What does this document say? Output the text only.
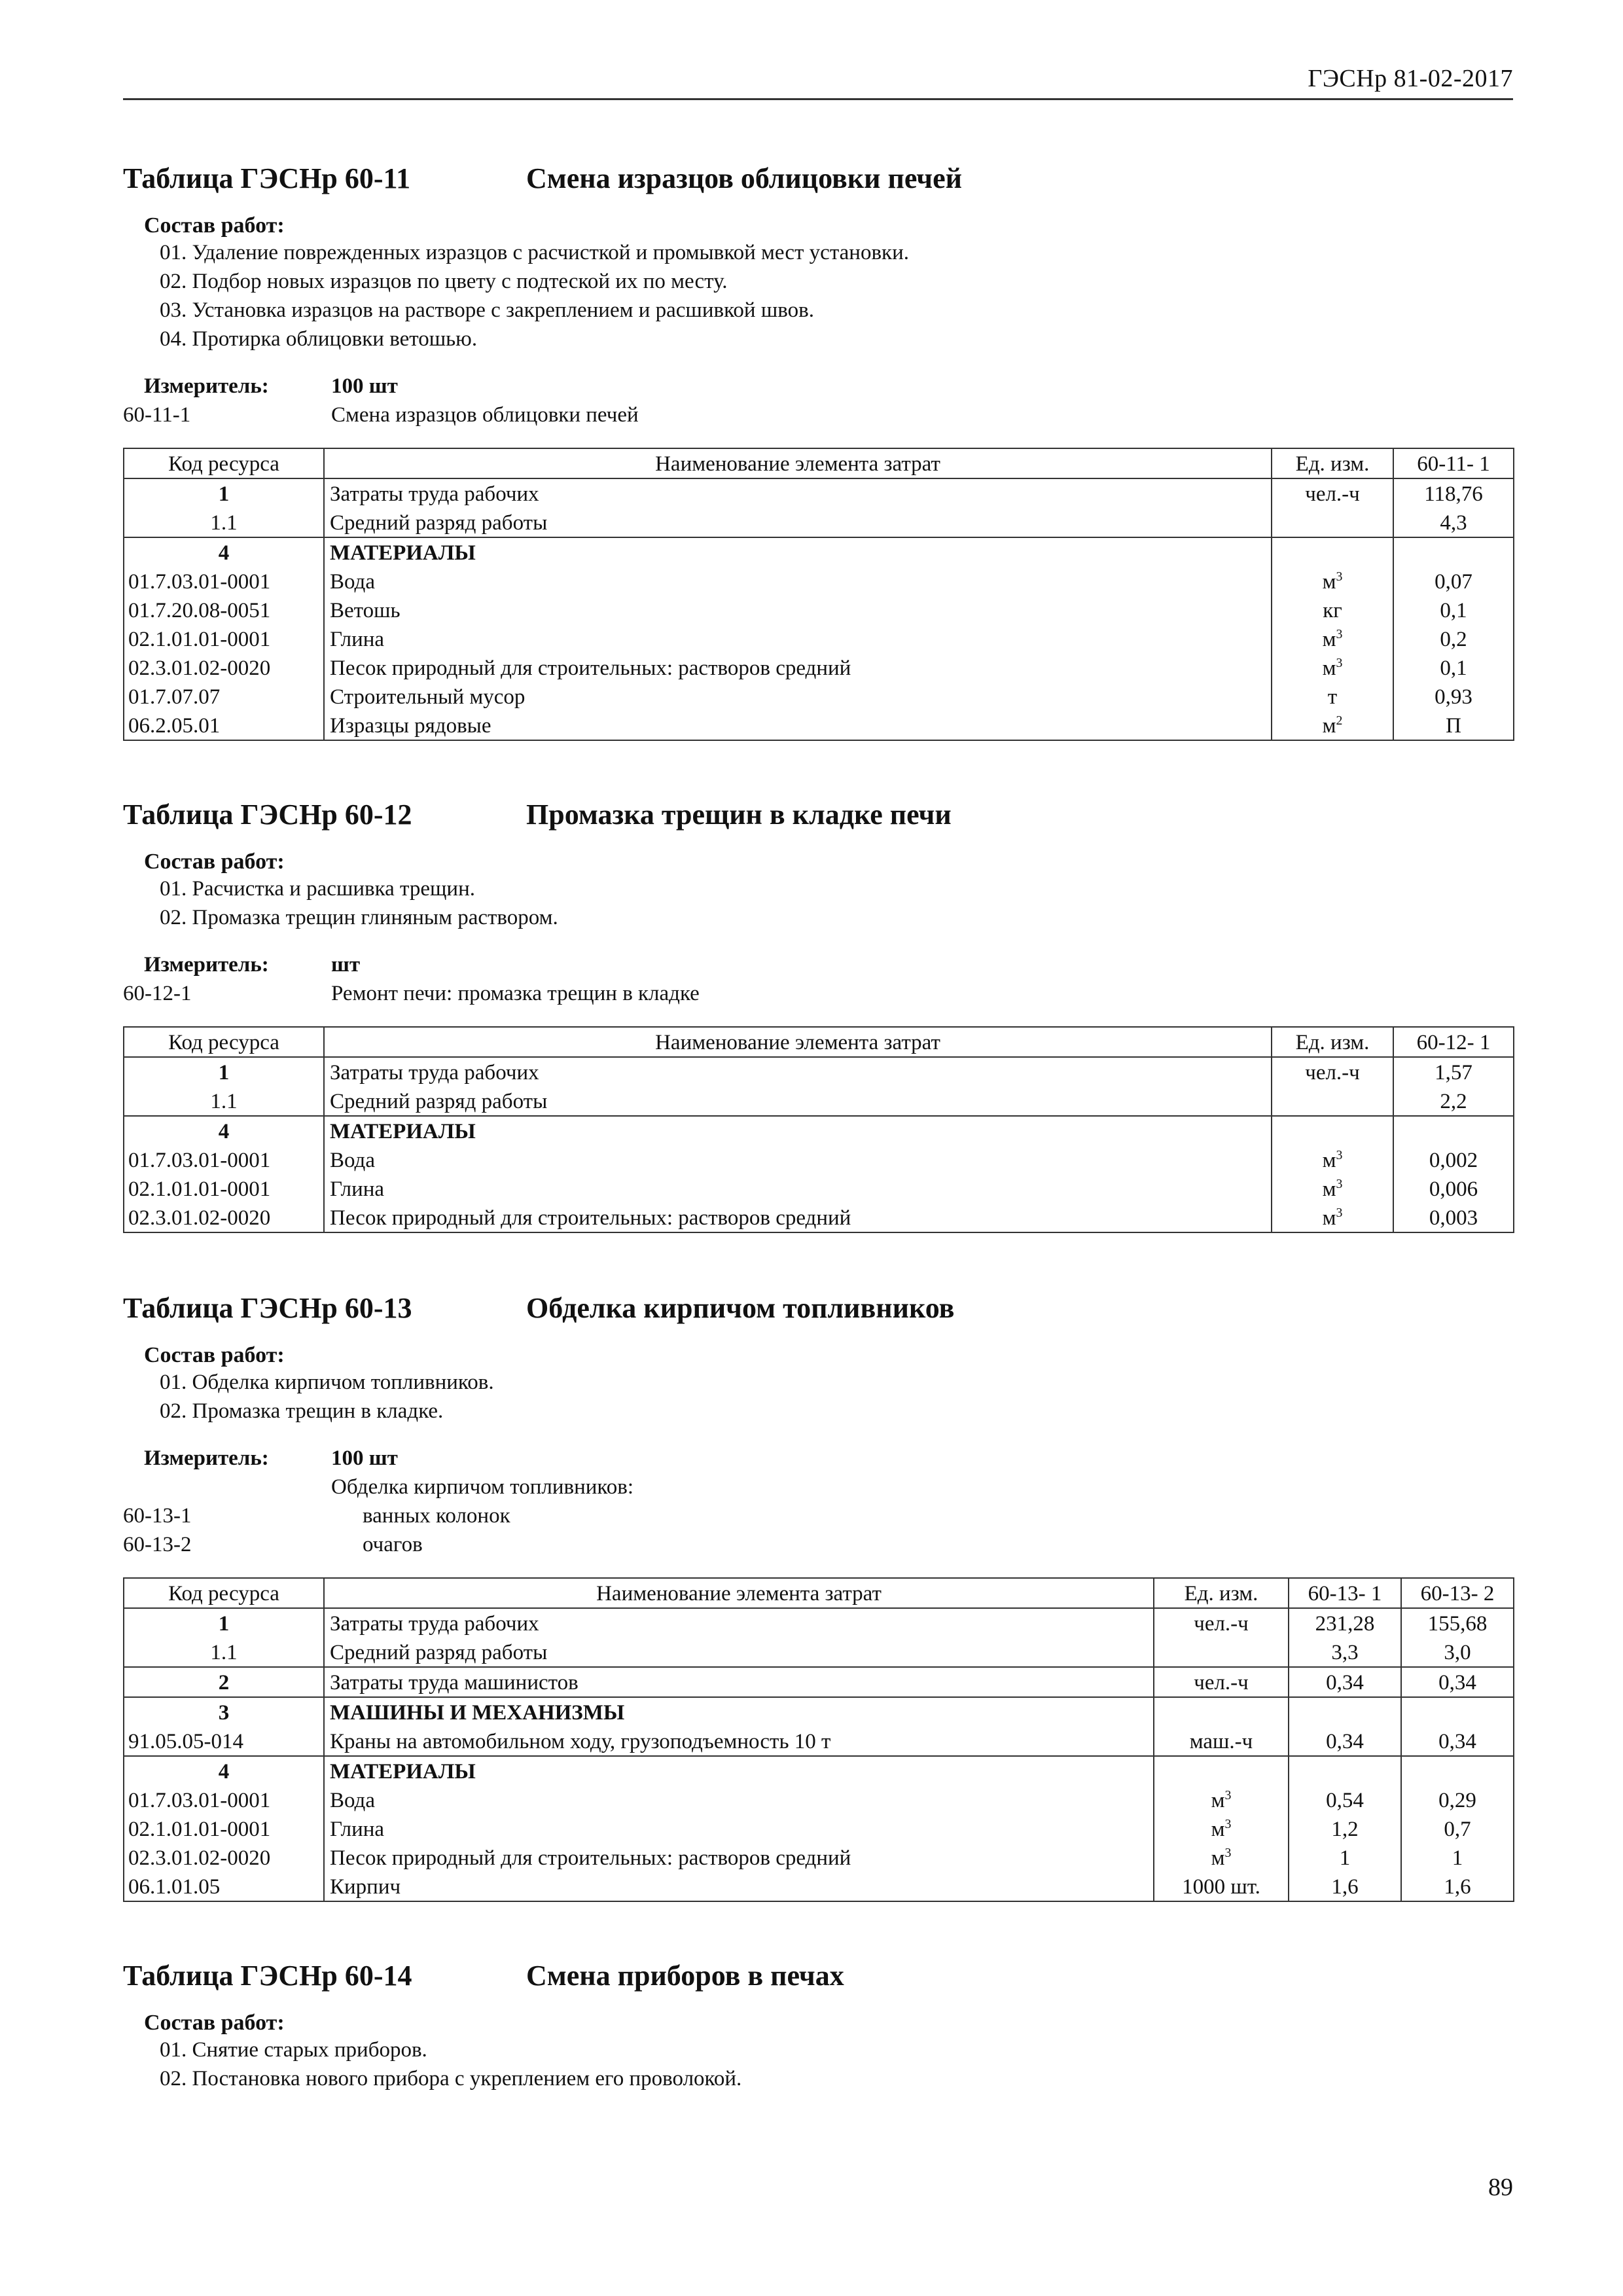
ГЭСНр 81-02-2017
Таблица ГЭСНр 60-11	Смена изразцов облицовки печей
Состав работ:
01. Удаление поврежденных изразцов с расчисткой и промывкой мест установки.
02. Подбор новых изразцов по цвету с подтеской их по месту.
03. Установка изразцов на растворе с закреплением и расшивкой швов.
04. Протирка облицовки ветошью.
Измеритель:	100 шт
60-11-1	Смена изразцов облицовки печей
Код ресурса	Наименование элемента затрат	Ед. изм.	60-11- 1
1	Затраты труда рабочих	чел.-ч	118,76
1.1	Средний разряд работы		4,3
4	МАТЕРИАЛЫ		
01.7.03.01-0001	Вода	$м^3$	0,07
01.7.20.08-0051	Ветошь	кг	0,1
02.1.01.01-0001	Глина	$м^3$	0,2
02.3.01.02-0020	Песок природный для строительных: растворов средний	$м^3$	0,1
01.7.07.07	Строительный мусор	т	0,93
06.2.05.01	Изразцы рядовые	$м^2$	П
Таблица ГЭСНр 60-12	Промазка трещин в кладке печи
Состав работ:
01. Расчистка и расшивка трещин.
02. Промазка трещин глиняным раствором.
Измеритель:	шт
60-12-1	Ремонт печи: промазка трещин в кладке
Код ресурса	Наименование элемента затрат	Ед. изм.	60-12- 1
1	Затраты труда рабочих	чел.-ч	1,57
1.1	Средний разряд работы		2,2
4	МАТЕРИАЛЫ		
01.7.03.01-0001	Вода	$м^3$	0,002
02.1.01.01-0001	Глина	$м^3$	0,006
02.3.01.02-0020	Песок природный для строительных: растворов средний	$м^3$	0,003
Таблица ГЭСНр 60-13	Обделка кирпичом топливников
Состав работ:
01. Обделка кирпичом топливников.
02. Промазка трещин в кладке.
Измеритель:	100 шт
Обделка кирпичом топливников:
60-13-1	ванных колонок
60-13-2	очагов
Код ресурса	Наименование элемента затрат	Ед. изм.	60-13- 1	60-13- 2
1	Затраты труда рабочих	чел.-ч	231,28	155,68
1.1	Средний разряд работы		3,3	3,0
2	Затраты труда машинистов	чел.-ч	0,34	0,34
3	МАШИНЫ И МЕХАНИЗМЫ			
91.05.05-014	Краны на автомобильном ходу, грузоподъемность 10 т	маш.-ч	0,34	0,34
4	МАТЕРИАЛЫ			
01.7.03.01-0001	Вода	$м^3$	0,54	0,29
02.1.01.01-0001	Глина	$м^3$	1,2	0,7
02.3.01.02-0020	Песок природный для строительных: растворов средний	$м^3$	1	1
06.1.01.05	Кирпич	1000 шт.	1,6	1,6
Таблица ГЭСНр 60-14	Смена приборов в печах
Состав работ:
01. Снятие старых приборов.
02. Постановка нового прибора с укреплением его проволокой.
89
